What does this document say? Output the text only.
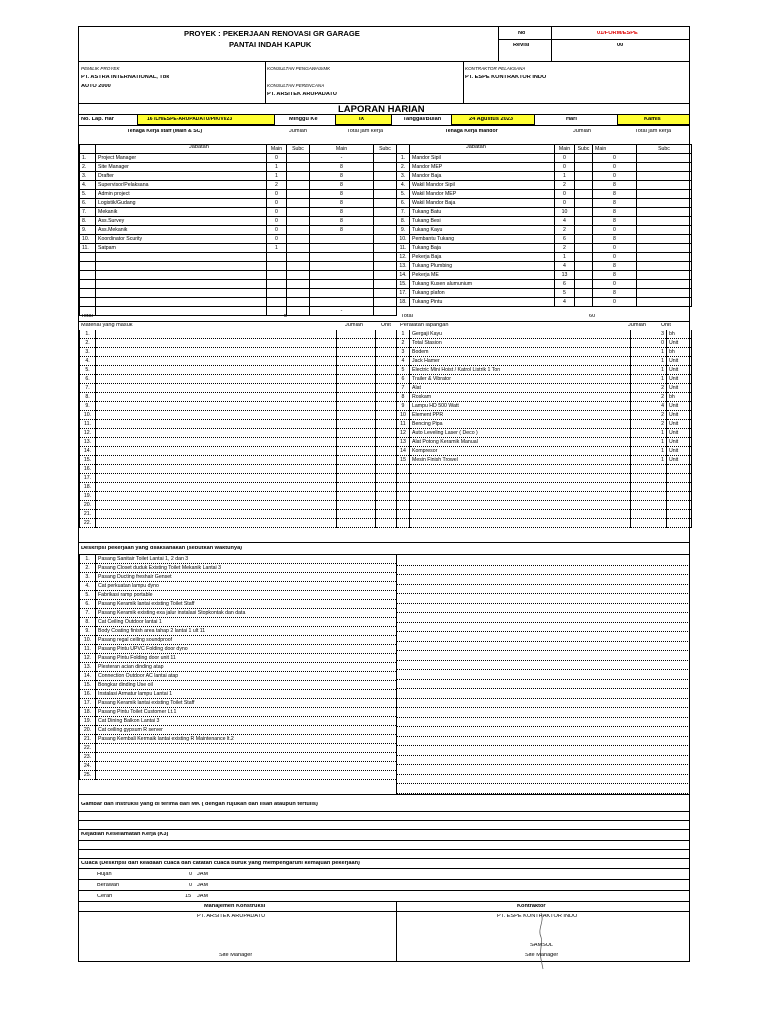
PROYEK : PEKERJAAN RENOVASI GR GARAGE
PANTAI INDAH KAPUK
No	01/FORM/ESPE
Revisi	00
PEMILIK PROYEK
PT. ASTRA INTERNATIONAL, Tbk
AUTO 2000
KONSULTAN PENGAWAS/MK
KONSULTAN PERENCANA
PT. ARSITEK ARUPADATU
KONTRAKTOR PELAKSANA
PT. ESPE KONTRAKTOR INDO
LAPORAN HARIAN
No. Lap. Har	16 /LH/ESPE-ARUPADATU/PIK/VI/23	Minggu Ke	IX	Tanggal/Bulan	24 Agustus 2023	Hari	Kamis
Tenaga Kerja staff (Main & SC)	Jumlah	Total jam kerja
Jabatan
			Main	Subc	Main	Subc
1.	Project Manager	0		-	
2.	Site Manager	1		8	
3.	Drafter	1		8	
4.	Supervisor/Pelaksana	2		8	
5.	Admin project	0		8	
6.	Logistik/Gudang	0		8	
7.	Mekanik	0		8	
8.	Ass.Survey	0		8	
9.	Ass.Mekanik	0		8	
10.	Koordinator Scurity	0			
11.	Satpam	1			

				-	
Total	5
Tenaga Kerja mandor	Jumlah	Total jam kerja
Jabatan
			Main	Subc	Main	Subc
1.	Mandor Sipil	0		0	
2.	Mandor MEP	0		0	
3.	Mandor Baja	1		0	
4.	Wakil Mandor Sipil	2		8	
5.	Wakil Mandor MEP	0		8	
6.	Wakil Mandor Baja	0		8	
7.	Tukang Batu	10		8	
8.	Tukang Besi	4		8	
9.	Tukang Kayu	2		0	
10.	Pembantu Tukang	6		8	
11.	Tukang Baja	2		0	
12.	Pekerja Baja	1		0	
13.	Tukang Plumbing	4		8	
14.	Pekerja ME	13		8	
15.	Tukang Kusen alumunium	6		0	
17.	Tukang plafon	5		8	
18.	Tukang Pintu	4		0	
Total	60
Material yang masuk	Jumlah	Unit Peralatan lapangan	Jumlah	Unit
1.			
2.			
3.			
4.			
5.			
6.			
7.			
8.			
9.			
10.			
11.			
12.			
13.			
14.			
15.			
16.			
17.			
18.			
19.			
20.			
21.			
22.			
1	Gergaji Kayu	3	bh
2	Total Stasion	0	Unit
3	Bodem	1	bh
4	Jack Hamer	1	Unit
5	Electric Mini Hoist / Katrol Listrik 1 Ton	1	Unit
6	Trailer & Vibrator	1	Unit
7	Alat	2	Unit
8	Roskam	2	bh
9	Lampu HD 500 Watt	4	Unit
10	Element PPR	2	Unit
11	Bencing Pipa	2	Unit
12	Auto Leveling Laser ( Deco )	1	Unit
13	Alat Potong Keramik Manual	1	Unit
14	Kompresor	1	Unit
15	Mesin Finish Trowel	1	Unit

Deskripsi pekerjaan yang dilaksanakan (sebutkan waktunya)
1.	Pasang Sanitair Toilet Lantai 1, 2 dan 3
2.	Pasang Closet duduk Existing Toilet Mekanik Lantai 3
3.	Pasang Ducting freshair Genset
4.	Cat perkuatan lampu dyno
5.	Fabrikasi ramp portable
6.	Pasang Keramik lantai existing Toilet Staff
7.	Pasang Keramik existing exa jalur instalasi Stopkontak dan data
8.	Cat Ceiling Outdoor lantai 1
9.	Body Coating finish area tahap 2 lantai 1 ult 11
10.	Pasang regal ceiling soundproof
11.	Pasang Pintu UPVC Folding door dyno
12.	Pasang Pintu Folding door unit 11
13.	Plesteran acian dinding atap
14.	Connection Outdoor AC lantai atap
15.	Bongkar dinding Use oil
16.	Instalasi Armatur lampu Lantai 1
17.	Pasang Keramik lantai existing Toilet Staff
18.	Pasang Pintu Toilet Customer Lt.1
19.	Cat Dining Balkon Lantai 3
20.	Cat ceiling gypsum R server
21.	Pasang Kembali Kermaik lantai existing R Maintenance lt.2
22.	
23.	
24.	
25.	
Gambar dan instruksi yang di terima dari MK ( dengan rujukan dan lisan ataupun tertulis)
Kejadian Keselamatan Kerja (K3)
Cuaca (Deskripsi dari keadaan cuaca dan catatan cuaca buruk yang mempengaruhi kemajuan pekerjaan)
Hujan	0 JAM
Berawan	0 JAM
Cerah	15 JAM
Manajemen Konstruksi	Kontraktor
PT. ARSITEK ARUPADATU	PT. ESPE KONTRAKTOR INDO
SAMSUL
Site Manager	Site Manager
